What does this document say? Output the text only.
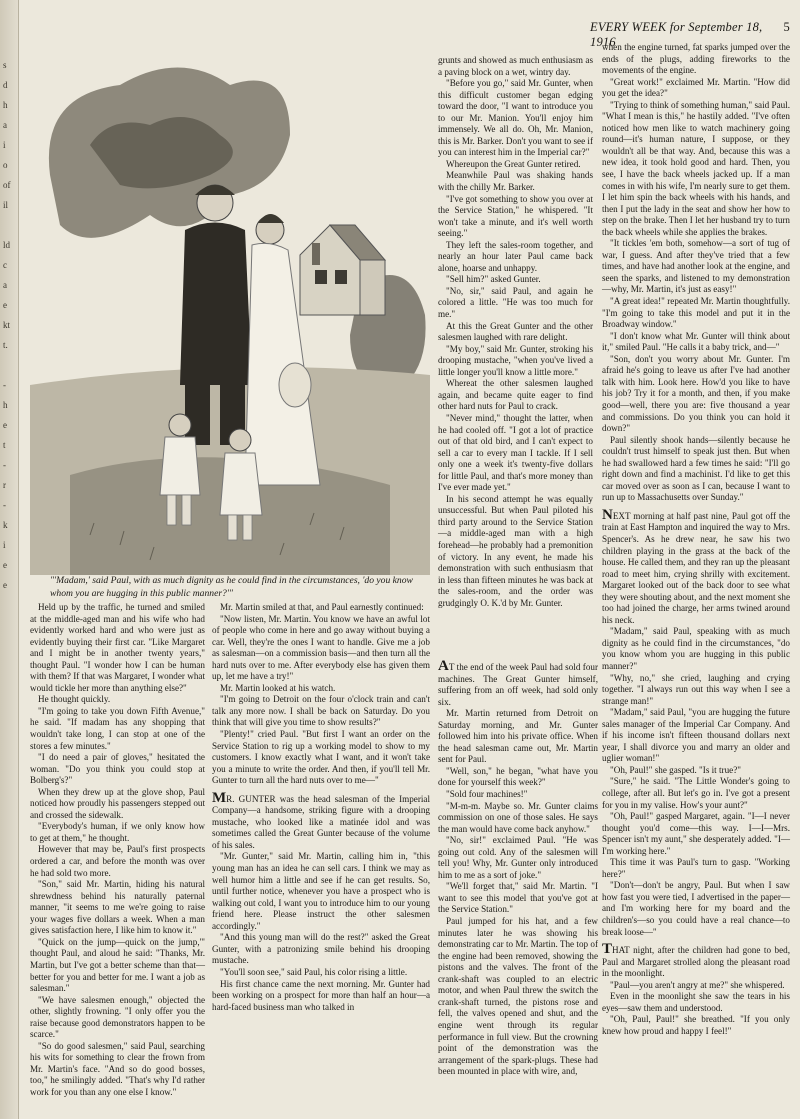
s
d
h
a
i
o
of
il
ld
c
a
e
kt
t.
-
h
e
t
-
r
-
k
i
e
e
EVERY WEEK for September 18, 1916
5
"'Madam,' said Paul, with as much dignity as he could find in the circumstances, 'do you know whom you are hugging in this public manner?'"

Held up by the traffic, he turned and smiled at the middle-aged man and his wife who had evidently worked hard and who were just as evidently buying their first car. "Like Margaret and I might be in another twenty years," thought Paul. "I wonder how I can be human with them? If that was Margaret, I wonder what would tickle her more than anything else?"

He thought quickly.

"I'm going to take you down Fifth Avenue," he said. "If madam has any shopping that wouldn't take long, I can stop at one of the stores a few minutes."

"I do need a pair of gloves," hesitated the woman. "Do you think you could stop at Bolberg's?"

When they drew up at the glove shop, Paul noticed how proudly his passengers stepped out and crossed the sidewalk.

"Everybody's human, if we only know how to get at them," he thought.

However that may be, Paul's first prospects ordered a car, and before the month was over he had sold two more.

"Son," said Mr. Martin, hiding his natural shrewdness behind his naturally paternal manner, "it seems to me we're going to raise your wages five dollars a week. When a man gives satisfaction here, I like him to know it."

"Quick on the jump—quick on the jump,'" thought Paul, and aloud he said: "Thanks, Mr. Martin, but I've got a better scheme than that—better for you and better for me. I want a job as salesman."

"We have salesmen enough," objected the other, slightly frowning. "I only offer you the raise because good demonstrators happen to be scarce."

"So do good salesmen," said Paul, searching his wits for something to clear the frown from Mr. Martin's face. "And so do good bosses, too," he smilingly added. "That's why I'd rather work for you than any one else I know."

Mr. Martin smiled at that, and Paul earnestly continued:

"Now listen, Mr. Martin. You know we have an awful lot of people who come in here and go away without buying a car. Well, they're the ones I want to handle. Give me a job as salesman—on a commission basis—and then turn all the hard nuts over to me. After everybody else has given them up, let me have a try!"

Mr. Martin looked at his watch.

"I'm going to Detroit on the four o'clock train and can't talk any more now. I shall be back on Saturday. Do you think that will give you time to show results?"

"Plenty!" cried Paul. "But first I want an order on the Service Station to rig up a working model to show to my customers. I know exactly what I want, and it won't take you a minute to write the order. And then, if you'll tell Mr. Gunter to turn all the hard nuts over to me—"

MR. GUNTER was the head salesman of the Imperial Company—a handsome, striking figure with a drooping mustache, who looked like a matinée idol and was sometimes called the Great Gunter because of the volume of his sales.

"Mr. Gunter," said Mr. Martin, calling him in, "this young man has an idea he can sell cars. I think we may as well humor him a little and see if he can get results. So, until further notice, whenever you have a prospect who is walking out cold, I want you to introduce him to our young friend here. Please instruct the other salesmen accordingly."

"And this young man will do the rest?" asked the Great Gunter, with a patronizing smile behind his drooping mustache.

"You'll soon see," said Paul, his color rising a little.

His first chance came the next morning. Mr. Gunter had been working on a prospect for more than half an hour—a hard-faced business man who talked in

grunts and showed as much enthusiasm as a paving block on a wet, wintry day.

"Before you go," said Mr. Gunter, when this difficult customer began edging toward the door, "I want to introduce you to our Mr. Manion. You'll enjoy him immensely. We all do. Oh, Mr. Manion, this is Mr. Barker. Don't you want to see if you can interest him in the Imperial car?"

Whereupon the Great Gunter retired.

Meanwhile Paul was shaking hands with the chilly Mr. Barker.

"I've got something to show you over at the Service Station," he whispered. "It won't take a minute, and it's well worth seeing."

They left the sales-room together, and nearly an hour later Paul came back alone, hoarse and unhappy.

"Sell him?" asked Gunter.

"No, sir," said Paul, and again he colored a little. "He was too much for me."

At this the Great Gunter and the other salesmen laughed with rare delight.

"My boy," said Mr. Gunter, stroking his drooping mustache, "when you've lived a little longer you'll know a little more."

Whereat the other salesmen laughed again, and became quite eager to find other hard nuts for Paul to crack.

"Never mind," thought the latter, when he had cooled off. "I got a lot of practice out of that old bird, and I can't expect to sell a car to every man I tackle. If I sell only one a week it's twenty-five dollars for little Paul, and that's more money than I've ever made yet."

In his second attempt he was equally unsuccessful. But when Paul piloted his third party around to the Service Station—a middle-aged man with a high forehead—he probably had a premonition of victory. In any event, he made his demonstration with such enthusiasm that in less than fifteen minutes he was back at the sales-room, and the order was grudgingly O. K.'d by Mr. Gunter.

AT the end of the week Paul had sold four machines. The Great Gunter himself, suffering from an off week, had sold only six.

Mr. Martin returned from Detroit on Saturday morning, and Mr. Gunter followed him into his private office. When the head salesman came out, Mr. Martin sent for Paul.

"Well, son," he began, "what have you done for yourself this week?"

"Sold four machines!"

"M-m-m. Maybe so. Mr. Gunter claims commission on one of those sales. He says the man would have come back anyhow."

"No, sir!" exclaimed Paul. "He was going out cold. Any of the salesmen will tell you! Why, Mr. Gunter only introduced him to me as a sort of joke."

"We'll forget that," said Mr. Martin. "I want to see this model that you've got at the Service Station."

Paul jumped for his hat, and a few minutes later he was showing his demonstrating car to Mr. Martin. The top of the engine had been removed, showing the pistons and the valves. The front of the crank-shaft was coupled to an electric motor, and when Paul threw the switch the crank-shaft turned, the pistons rose and fell, the valves opened and shut, and the engine went through its regular performance in full view. But the crowning point of the demonstration was the arrangement of the spark-plugs. These had been mounted in place with wire, and,

when the engine turned, fat sparks jumped over the ends of the plugs, adding fireworks to the movements of the engine.

"Great work!" exclaimed Mr. Martin. "How did you get the idea?"

"Trying to think of something human," said Paul. "What I mean is this," he hastily added. "I've often noticed how men like to watch machinery going round—it's human nature, I suppose, or they wouldn't all be that way. And, because this was a new idea, it took hold good and hard. Then, you see, I have the back wheels jacked up. If a man comes in with his wife, I'm nearly sure to get them. I let him spin the back wheels with his hands, and then I put the lady in the seat and show her how to step on the brake. Then I let her husband try to turn the back wheels while she applies the brakes.

"It tickles 'em both, somehow—a sort of tug of war, I guess. And after they've tried that a few times, and have had another look at the engine, and seen the sparks, and listened to my demonstration—why, Mr. Martin, it's just as easy!"

"A great idea!" repeated Mr. Martin thoughtfully. "I'm going to take this model and put it in the Broadway window."

"I don't know what Mr. Gunter will think about it," smiled Paul. "He calls it a baby trick, and—"

"Son, don't you worry about Mr. Gunter. I'm afraid he's going to leave us after I've had another talk with him. Look here. How'd you like to have his job? Try it for a month, and then, if you make good—well, there you are: five thousand a year and commissions. Do you think you can hold it down?"

Paul silently shook hands—silently because he couldn't trust himself to speak just then. But when he had swallowed hard a few times he said: "I'll go right down and find a machinist. I'd like to get this car moved over as soon as I can, because I want to run up to Massachusetts over Sunday."

NEXT morning at half past nine, Paul got off the train at East Hampton and inquired the way to Mrs. Spencer's. As he drew near, he saw his two children playing in the grass at the back of the house. He called them, and they ran up the pleasant road to meet him, crying shrilly with excitement. Margaret looked out of the back door to see what they were shouting about, and the next moment she too had joined the charge, her arms twined around his neck.

"Madam," said Paul, speaking with as much dignity as he could find in the circumstances, "do you know whom you are hugging in this public manner?"

"Why, no," she cried, laughing and crying together. "I always run out this way when I see a strange man!"

"Madam," said Paul, "you are hugging the future sales manager of the Imperial Car Company. And if his income isn't fifteen thousand dollars next year, I shall divorce you and marry an older and uglier woman!"

"Oh, Paul!" she gasped. "Is it true?"

"Sure," he said. "The Little Wonder's going to college, after all. But let's go in. I've got a present for you in my valise. How's your aunt?"

"Oh, Paul!" gasped Margaret, again. "I—I never thought you'd come—this way. I—I—Mrs. Spencer isn't my aunt," she desperately added. "I—I'm working here."

This time it was Paul's turn to gasp. "Working here?"

"Don't—don't be angry, Paul. But when I saw how fast you were tied, I advertised in the paper—and I'm working here for my board and the children's—so you could have a real chance—to break loose—"

THAT night, after the children had gone to bed, Paul and Margaret strolled along the pleasant road in the moonlight.

"Paul—you aren't angry at me?" she whispered.

Even in the moonlight she saw the tears in his eyes—saw them and understood.

"Oh, Paul, Paul!" she breathed. "If you only knew how proud and happy I feel!"
